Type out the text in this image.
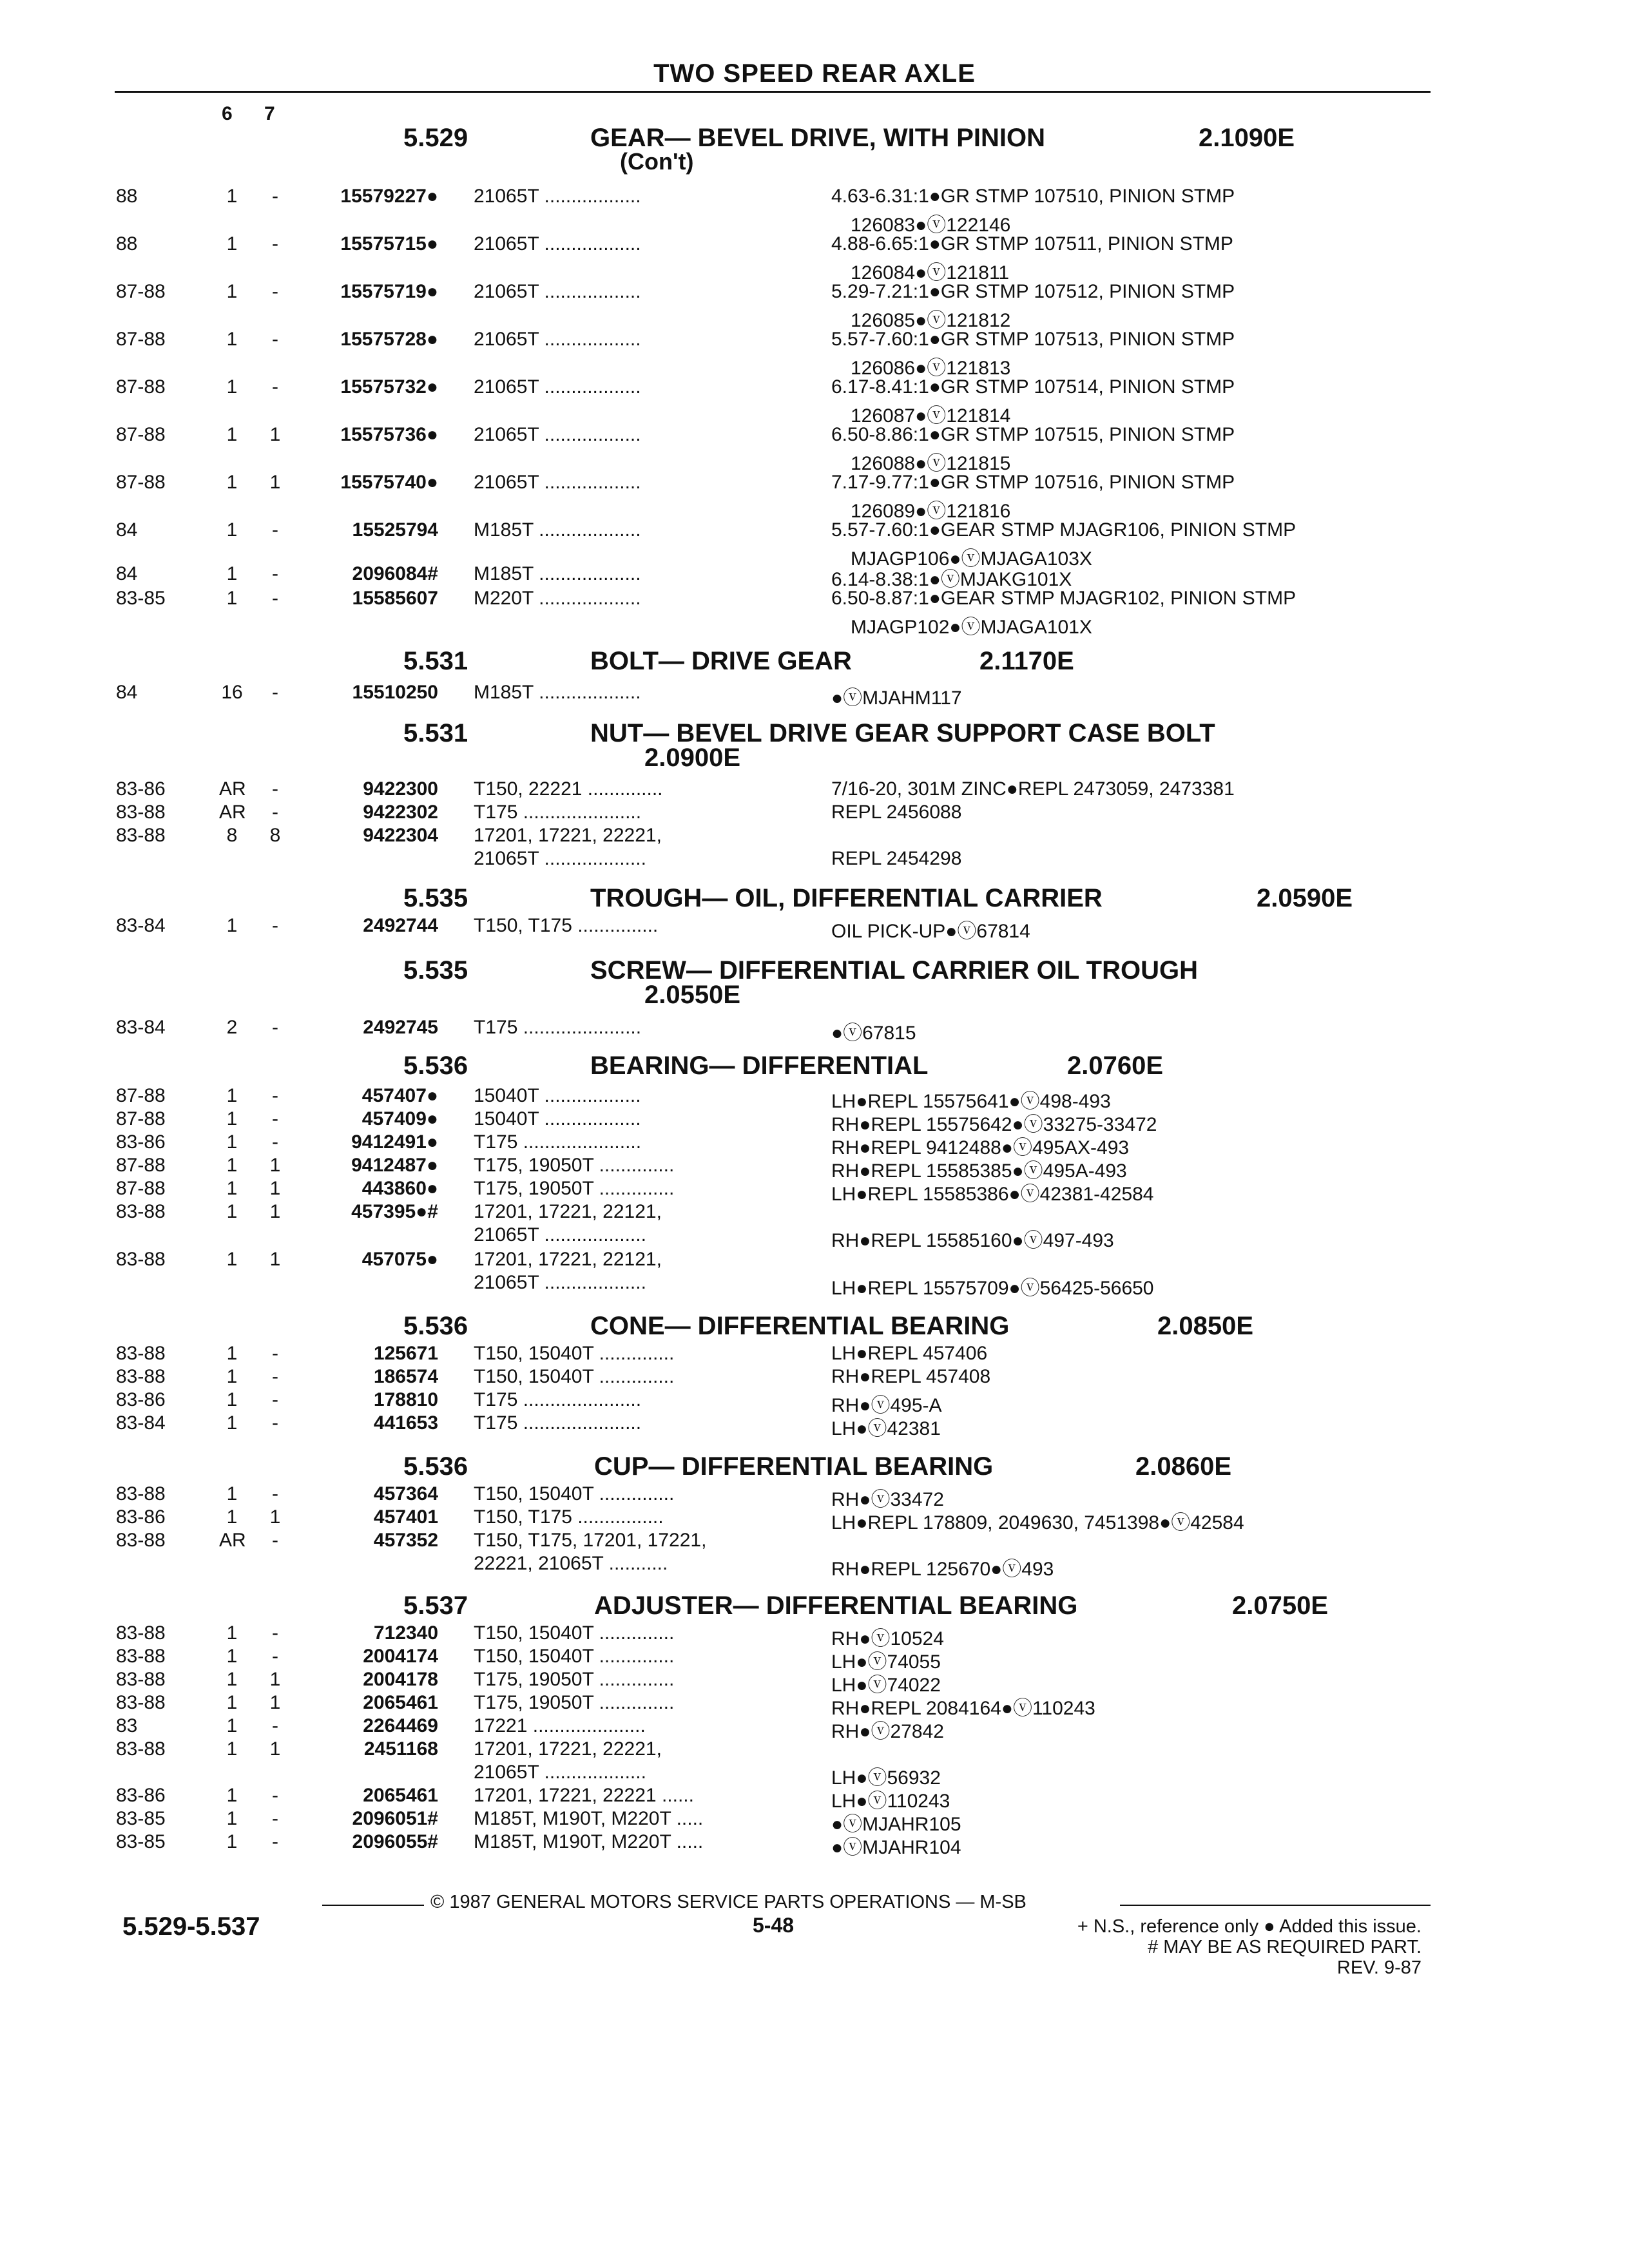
TWO SPEED REAR AXLE
6 7
5.529	GEAR— BEVEL DRIVE, WITH PINION	2.1090E
(Con't)
5.531	BOLT— DRIVE GEAR	2.1170E
5.531	NUT— BEVEL DRIVE GEAR SUPPORT CASE BOLT
2.0900E
5.535	TROUGH— OIL, DIFFERENTIAL CARRIER	2.0590E
5.535	SCREW— DIFFERENTIAL CARRIER OIL TROUGH
2.0550E
5.536	BEARING— DIFFERENTIAL	2.0760E
5.536	CONE— DIFFERENTIAL BEARING	2.0850E
5.536	CUP— DIFFERENTIAL BEARING	2.0860E
5.537	ADJUSTER— DIFFERENTIAL BEARING	2.0750E
88	1	-	15579227● 21065T ..................	4.63-6.31:1●GR STMP 107510, PINION STMP
126083●ⓥ122146
88	1	-	15575715● 21065T ..................	4.88-6.65:1●GR STMP 107511, PINION STMP
126084●ⓥ121811
87-88	1	-	15575719● 21065T ..................	5.29-7.21:1●GR STMP 107512, PINION STMP
126085●ⓥ121812
87-88	1	-	15575728● 21065T ..................	5.57-7.60:1●GR STMP 107513, PINION STMP
126086●ⓥ121813
87-88	1	-	15575732● 21065T ..................	6.17-8.41:1●GR STMP 107514, PINION STMP
126087●ⓥ121814
87-88	1	1	15575736● 21065T ..................	6.50-8.86:1●GR STMP 107515, PINION STMP
126088●ⓥ121815
87-88	1	1	15575740● 21065T ..................	7.17-9.77:1●GR STMP 107516, PINION STMP
126089●ⓥ121816
84	1	-	15525794 M185T ...................	5.57-7.60:1●GEAR STMP MJAGR106, PINION STMP
MJAGP106●ⓥMJAGA103X
84	1	-	2096084# M185T ...................	6.14-8.38:1●ⓥMJAKG101X
83-85	1	-	15585607 M220T ...................	6.50-8.87:1●GEAR STMP MJAGR102, PINION STMP
MJAGP102●ⓥMJAGA101X
84	16	-	15510250 M185T ...................	●ⓥMJAHM117
83-86	AR	-	9422300 T150, 22221 ..............	7/16-20, 301M ZINC●REPL 2473059, 2473381
83-88	AR	-	9422302 T175 ......................	REPL 2456088
83-88	8	8	9422304 17201, 17221, 22221,
21065T ...................	REPL 2454298
83-84	1	-	2492744 T150, T175 ...............	OIL PICK-UP●ⓥ67814
83-84	2	-	2492745 T175 ......................	●ⓥ67815
87-88	1	-	457407● 15040T ..................	LH●REPL 15575641●ⓥ498-493
87-88	1	-	457409● 15040T ..................	RH●REPL 15575642●ⓥ33275-33472
83-86	1	-	9412491● T175 ......................	RH●REPL 9412488●ⓥ495AX-493
87-88	1	1	9412487● T175, 19050T ..............	RH●REPL 15585385●ⓥ495A-493
87-88	1	1	443860● T175, 19050T ..............	LH●REPL 15585386●ⓥ42381-42584
83-88	1	1	457395●# 17201, 17221, 22121,
21065T ...................	RH●REPL 15585160●ⓥ497-493
83-88	1	1	457075● 17201, 17221, 22121,
21065T ...................	LH●REPL 15575709●ⓥ56425-56650
83-88	1	-	125671 T150, 15040T ..............	LH●REPL 457406
83-88	1	-	186574 T150, 15040T ..............	RH●REPL 457408
83-86	1	-	178810 T175 ......................	RH●ⓥ495-A
83-84	1	-	441653 T175 ......................	LH●ⓥ42381
83-88	1	-	457364 T150, 15040T ..............	RH●ⓥ33472
83-86	1	1	457401 T150, T175 ................	LH●REPL 178809, 2049630, 7451398●ⓥ42584
83-88	AR	-	457352 T150, T175, 17201, 17221,
22221, 21065T ...........	RH●REPL 125670●ⓥ493
83-88	1	-	712340 T150, 15040T ..............	RH●ⓥ10524
83-88	1	-	2004174 T150, 15040T ..............	LH●ⓥ74055
83-88	1	1	2004178 T175, 19050T ..............	LH●ⓥ74022
83-88	1	1	2065461 T175, 19050T ..............	RH●REPL 2084164●ⓥ110243
83	1	-	2264469 17221 .....................	RH●ⓥ27842
83-88	1	1	2451168 17201, 17221, 22221,
21065T ...................	LH●ⓥ56932
83-86	1	-	2065461 17201, 17221, 22221 ......	LH●ⓥ110243
83-85	1	-	2096051# M185T, M190T, M220T .....	●ⓥMJAHR105
83-85	1	-	2096055# M185T, M190T, M220T .....	●ⓥMJAHR104
© 1987 GENERAL MOTORS SERVICE PARTS OPERATIONS — M-SB
5.529-5.537	5-48	+ N.S., reference only ● Added this issue.
# MAY BE AS REQUIRED PART.
REV. 9-87
